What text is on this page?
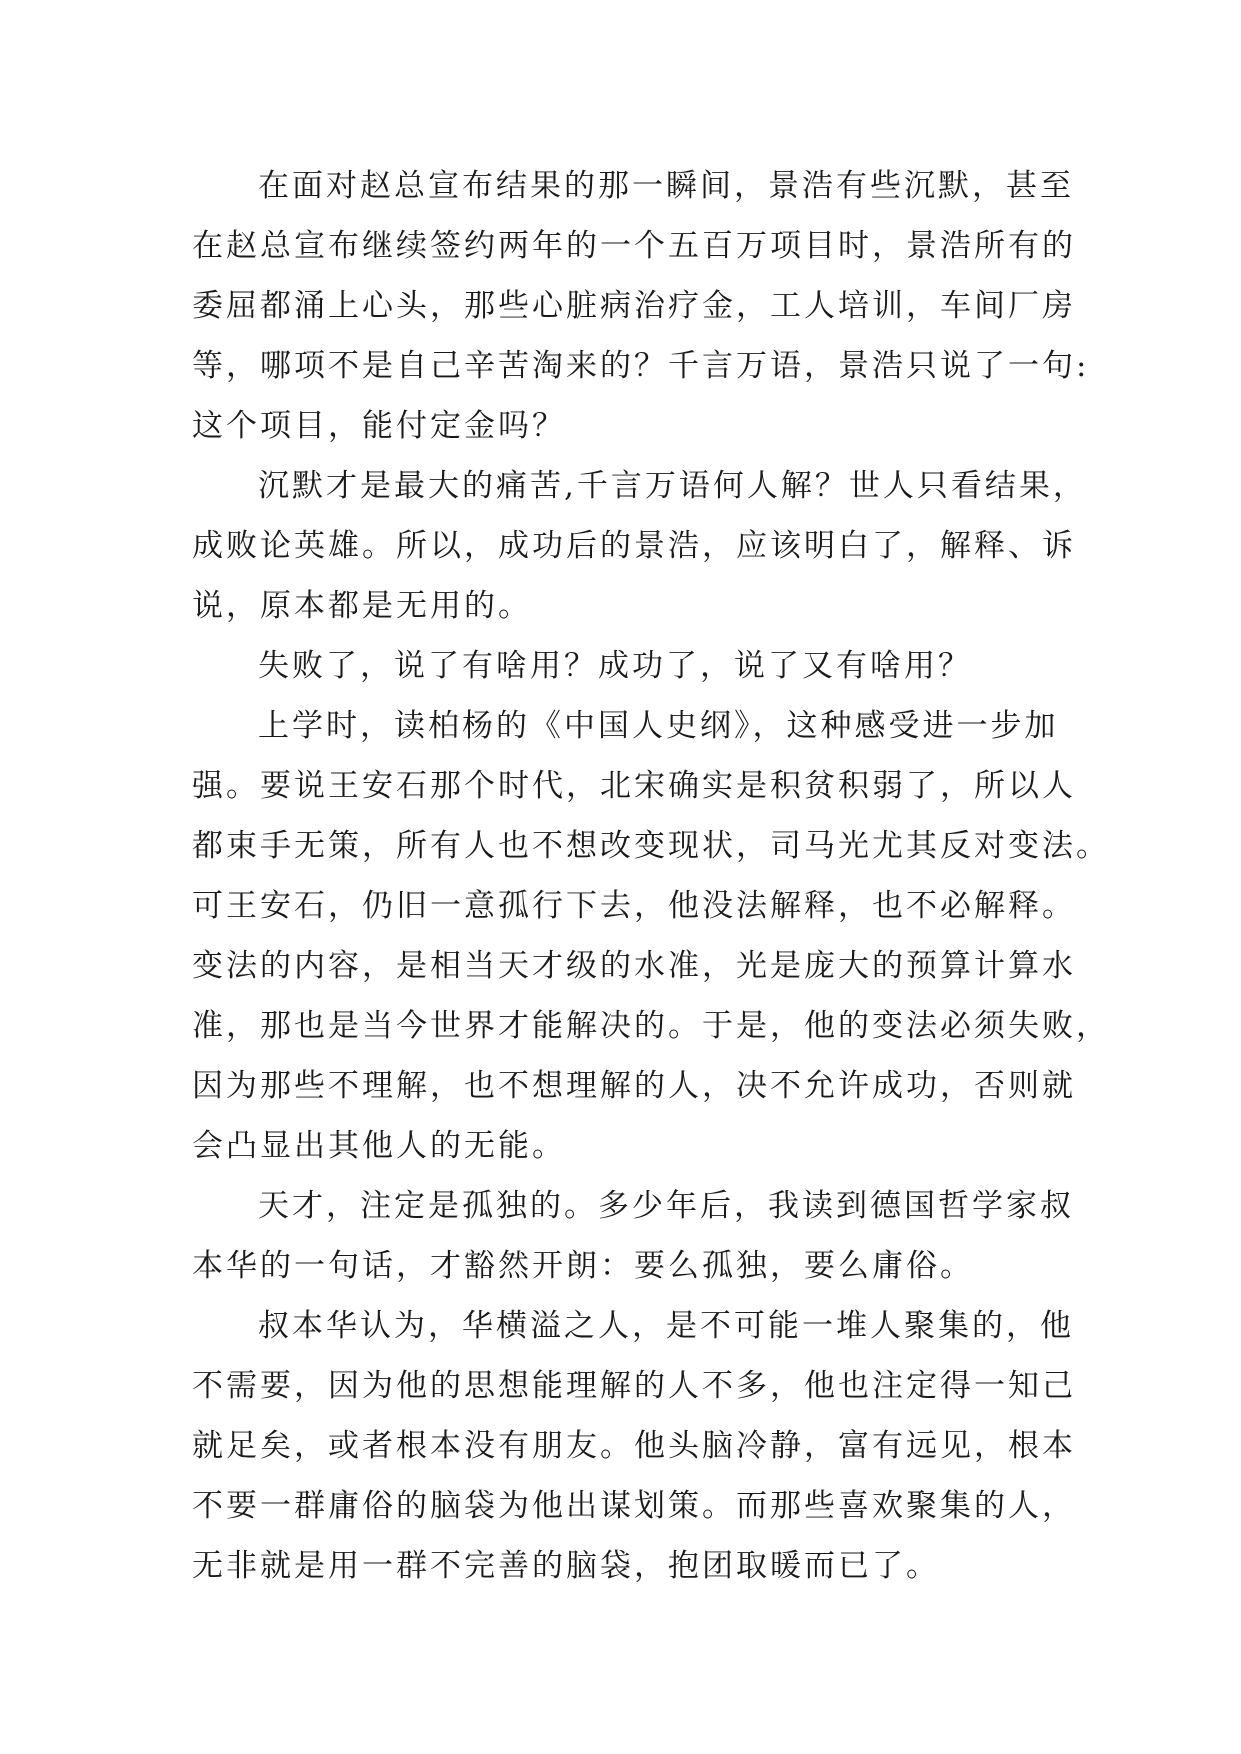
在面对赵总宣布结果的那一瞬间，景浩有些沉默，甚至
在赵总宣布继续签约两年的一个五百万项目时，景浩所有的
委屈都涌上心头，那些心脏病治疗金，工人培训，车间厂房
等，哪项不是自己辛苦淘来的？千言万语，景浩只说了一句:
这个项目，能付定金吗？

沉默才是最大的痛苦,千言万语何人解？世人只看结果，
成败论英雄。所以，成功后的景浩，应该明白了，解释、诉
说，原本都是无用的。

失败了，说了有啥用？成功了，说了又有啥用？

上学时，读柏杨的《中国人史纲》，这种感受进一步加
强。要说王安石那个时代，北宋确实是积贫积弱了，所以人
都束手无策，所有人也不想改变现状，司马光尤其反对变法。
可王安石，仍旧一意孤行下去，他没法解释，也不必解释。
变法的内容，是相当天才级的水准，光是庞大的预算计算水
准，那也是当今世界才能解决的。于是，他的变法必须失败，
因为那些不理解，也不想理解的人，决不允许成功，否则就
会凸显出其他人的无能。

天才，注定是孤独的。多少年后，我读到德国哲学家叔
本华的一句话，才豁然开朗：要么孤独，要么庸俗。

叔本华认为，华横溢之人，是不可能一堆人聚集的，他
不需要，因为他的思想能理解的人不多，他也注定得一知己
就足矣，或者根本没有朋友。他头脑冷静，富有远见，根本
不要一群庸俗的脑袋为他出谋划策。而那些喜欢聚集的人，
无非就是用一群不完善的脑袋，抱团取暖而已了。
